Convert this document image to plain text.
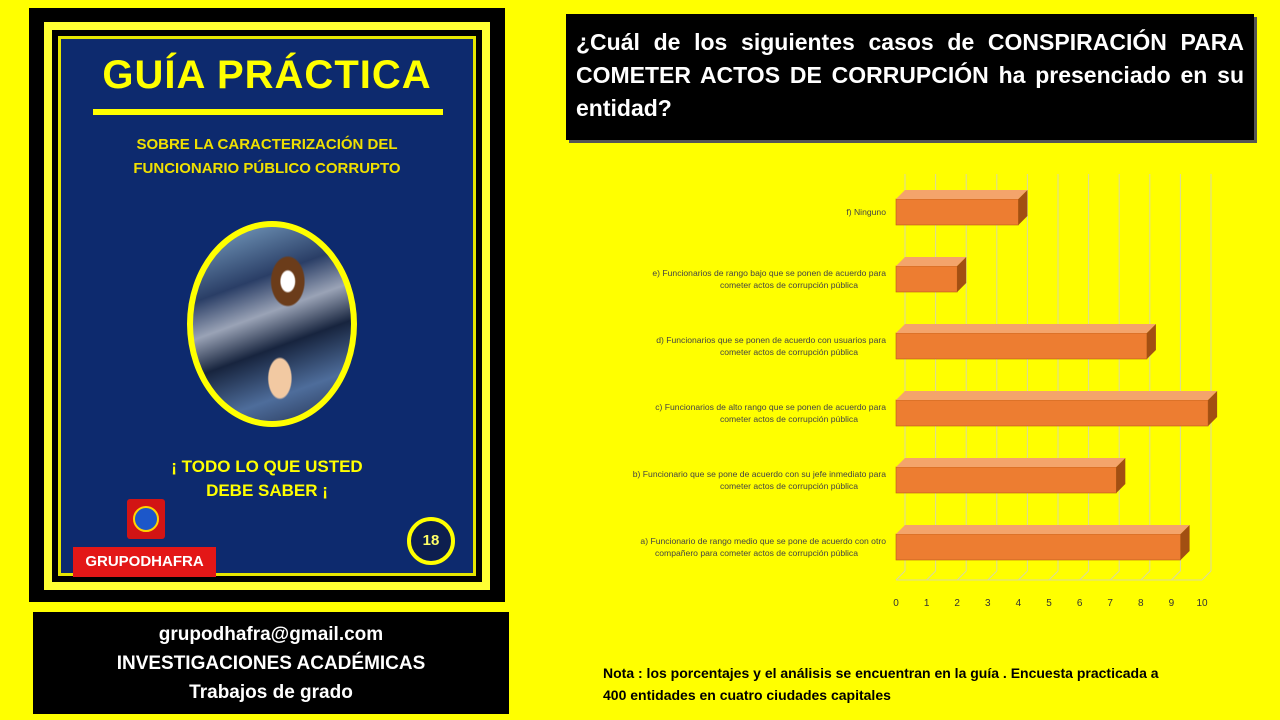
GUÍA PRÁCTICA
SOBRE LA CARACTERIZACIÓN DEL
FUNCIONARIO PÚBLICO CORRUPTO
¡ TODO LO QUE USTED
DEBE SABER ¡
GRUPODHAFRA
18
grupodhafra@gmail.com
INVESTIGACIONES ACADÉMICAS
Trabajos de grado
¿Cuál de los siguientes casos de CONSPIRACIÓN PARA COMETER ACTOS DE CORRUPCIÓN ha presenciado en su entidad?
0	1	2	3	4	5	6	7	8	9 10
f) Ninguno
e) Funcionarios de rango bajo que se ponen de acuerdo para cometer actos de corrupción pública
d) Funcionarios que se ponen de acuerdo con usuarios para cometer actos de corrupción pública
c) Funcionarios de alto rango que se ponen de acuerdo para cometer actos de corrupción pública
b) Funcionario que se pone de acuerdo con su jefe inmediato para cometer actos de corrupción pública
a) Funcionario de rango medio que se pone de acuerdo con otro compañero para cometer actos de corrupción pública
Nota : los porcentajes y el análisis se encuentran en la guía . Encuesta practicada a 400 entidades en cuatro ciudades capitales
